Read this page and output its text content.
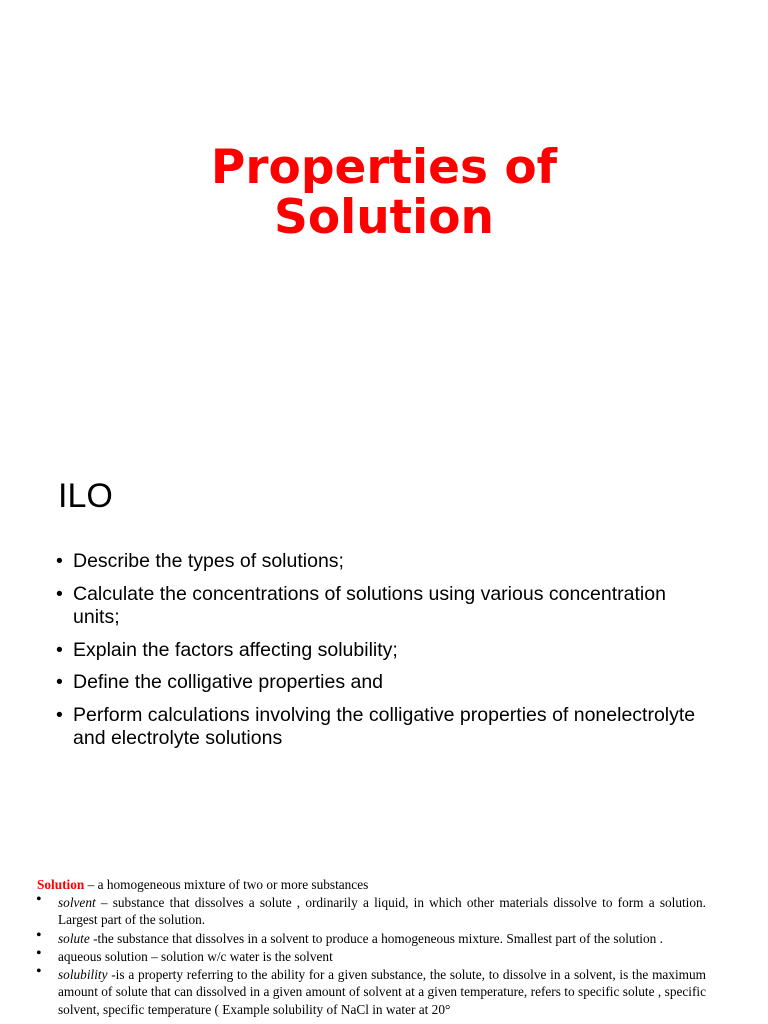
Properties of
Solution
ILO
• Describe the types of solutions;
• Calculate the concentrations of solutions using various concentration units;
• Explain the factors affecting solubility;
• Define the colligative properties and
• Perform calculations involving the colligative properties of nonelectrolyte and electrolyte solutions
Solution – a homogeneous mixture of two or more substances
• solvent – substance that dissolves a solute , ordinarily a liquid, in which other materials dissolve to form a solution. Largest part of the solution.
• solute -the substance that dissolves in a solvent to produce a homogeneous mixture. Smallest part of the solution .
• aqueous solution – solution w/c water is the solvent
• solubility -is a property referring to the ability for a given substance, the solute, to dissolve in a solvent, is the maximum amount of solute that can dissolved in a given amount of solvent at a given temperature, refers to specific solute , specific solvent, specific temperature ( Example solubility of NaCl in water at 20°
